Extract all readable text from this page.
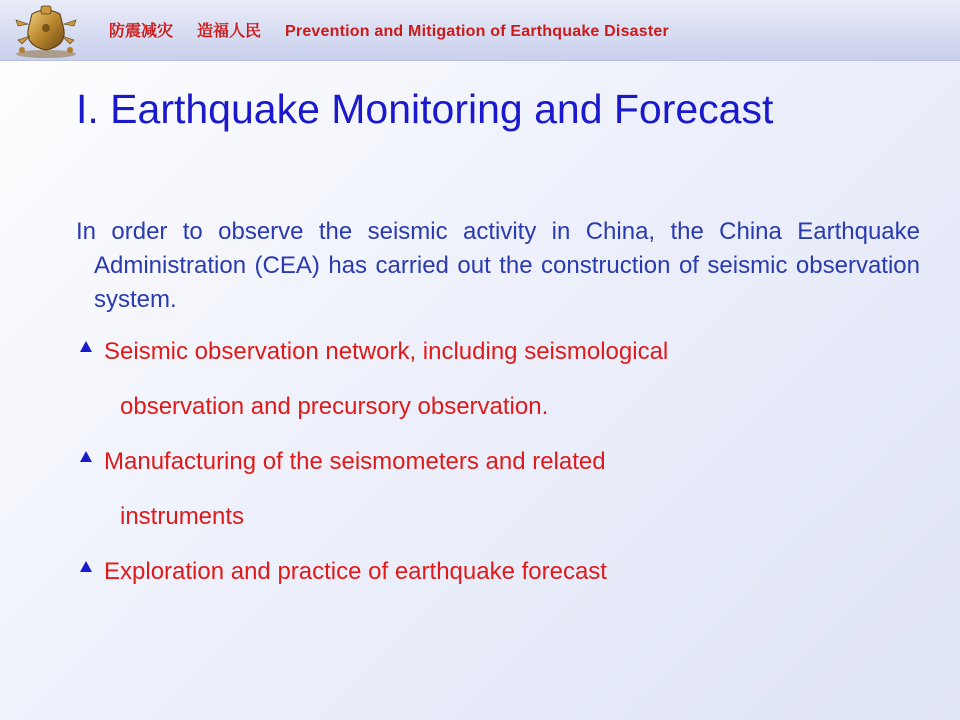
防震减灾 造福人民 Prevention and Mitigation of Earthquake Disaster
I. Earthquake Monitoring and Forecast
In order to observe the seismic activity in China, the China Earthquake Administration (CEA) has carried out the construction of seismic observation system.
Seismic observation network, including seismological
observation and precursory observation.
Manufacturing of the seismometers and related
instruments
Exploration and practice of earthquake forecast
